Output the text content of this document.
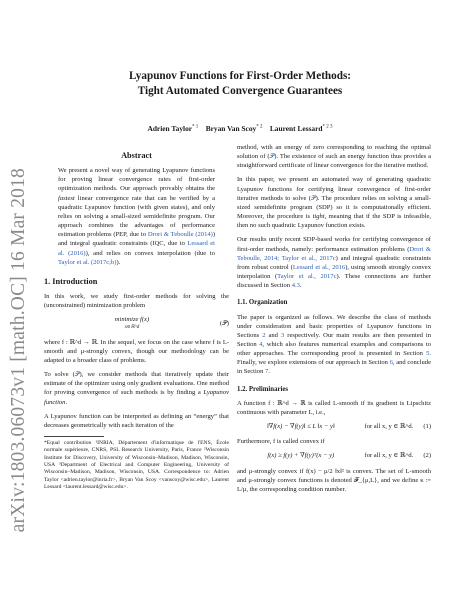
arXiv:1803.06073v1 [math.OC] 16 Mar 2018
Lyapunov Functions for First-Order Methods:
Tight Automated Convergence Guarantees
Adrien Taylor$^{* 1}$ Bryan Van Scoy$^{* 2}$ Laurent Lessard$^{* 2 3}$
Abstract

We present a novel way of generating Lyapunov functions for proving linear convergence rates of first-order optimization methods. Our approach provably obtains the fastest linear convergence rate that can be verified by a quadratic Lyapunov function (with given states), and only relies on solving a small-sized semidefinite program. Our approach combines the advantages of performance estimation problems (PEP, due to Drori & Teboulle (2014)) and integral quadratic constraints (IQC, due to Lessard et al. (2016)), and relies on convex interpolation (due to Taylor et al. (2017c;b)).

1. Introduction

In this work, we study first-order methods for solving the (unconstrained) minimization problem

minimize f(x)
x∈ℝ^d
(𝒫)

where f : ℝ^d → ℝ. In the sequel, we focus on the case where f is L-smooth and μ-strongly convex, though our methodology can be adapted to a broader class of problems.

To solve (𝒫), we consider methods that iteratively update their estimate of the optimizer using only gradient evaluations. One method for proving convergence of such methods is by finding a Lyapunov function.

A Lyapunov function can be interpreted as defining an “energy” that decreases geometrically with each iteration of the

*Equal contribution ¹INRIA, Département d'informatique de l'ENS, École normale supérieure, CNRS, PSL Research University, Paris, France ²Wisconsin Institute for Discovery, University of Wisconsin–Madison, Madison, Wisconsin, USA ³Department of Electrical and Computer Engineering, University of Wisconsin–Madison, Madison, Wisconsin, USA. Correspondence to: Adrien Taylor <adrien.taylor@inria.fr>, Bryan Van Scoy <vanscoy@wisc.edu>, Laurent Lessard <laurent.lessard@wisc.edu>.

method, with an energy of zero corresponding to reaching the optimal solution of (𝒫). The existence of such an energy function thus provides a straightforward certificate of linear convergence for the iterative method.

In this paper, we present an automated way of generating quadratic Lyapunov functions for certifying linear convergence of first-order iterative methods to solve (𝒫). The procedure relies on solving a small-sized semidefinite program (SDP) so it is computationally efficient. Moreover, the procedure is tight, meaning that if the SDP is infeasible, then no such quadratic Lyapunov function exists.

Our results unify recent SDP-based works for certifying convergence of first-order methods, namely: performance estimation problems (Drori & Teboulle, 2014; Taylor et al., 2017c) and integral quadratic constraints from robust control (Lessard et al., 2016), using smooth strongly convex interpolation (Taylor et al., 2017c). These connections are further discussed in Section 4.3.

1.1. Organization

The paper is organized as follows. We describe the class of methods under consideration and basic properties of Lyapunov functions in Sections 2 and 3 respectively. Our main results are then presented in Section 4, which also features numerical examples and comparisons to other approaches. The corresponding proof is presented in Section 5. Finally, we explore extensions of our approach in Section 6, and conclude in Section 7.

1.2. Preliminaries

A function f : ℝ^d → ℝ is called L-smooth if its gradient is Lipschitz continuous with parameter L, i.e.,

‖∇f(x) − ∇f(y)‖ ≤ L ‖x − y‖	for all x, y ∈ ℝ^d. (1)

Furthermore, f is called convex if

f(x) ≥ f(y) + ∇f(y)ᵀ(x − y)	for all x, y ∈ ℝ^d. (2)

and μ-strongly convex if f(x) − μ/2 ‖x‖² is convex. The set of L-smooth and μ-strongly convex functions is denoted 𝓕_{μ,L}, and we define κ := L/μ, the corresponding condition number.
